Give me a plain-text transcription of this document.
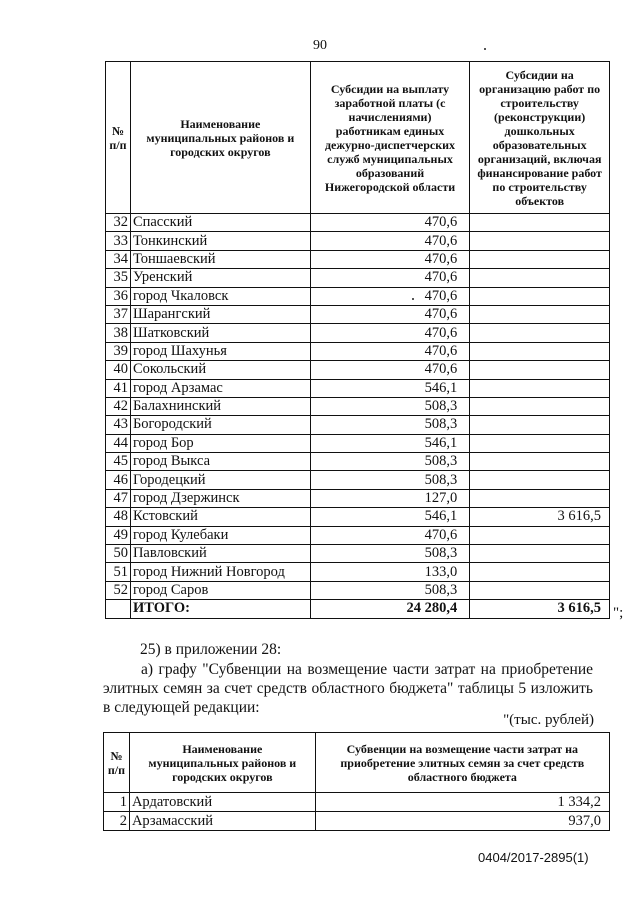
90
№ п/п	Наименование муниципальных районов и городских округов	Субсидии на выплату заработной платы (с начислениями) работникам единых дежурно-диспетчерских служб муниципальных образований Нижегородской области	Субсидии на организацию работ по строительству (реконструкции) дошкольных образовательных организаций, включая финансирование работ по строительству объектов
32	Спасский	470,6	
33	Тонкинский	470,6	
34	Тоншаевский	470,6	
35	Уренский	470,6	
36	город Чкаловск	470,6	
37	Шарангский	470,6	
38	Шатковский	470,6	
39	город Шахунья	470,6	
40	Сокольский	470,6	
41	город Арзамас	546,1	
42	Балахнинский	508,3	
43	Богородский	508,3	
44	город Бор	546,1	
45	город Выкса	508,3	
46	Городецкий	508,3	
47	город Дзержинск	127,0	
48	Кстовский	546,1	3 616,5
49	город Кулебаки	470,6	
50	Павловский	508,3	
51	город Нижний Новгород	133,0	
52	город Саров	508,3	
	ИТОГО:	24 280,4	3 616,5 ";
25) в приложении 28:
а) графу "Субвенции на возмещение части затрат на приобретение элитных семян за счет средств областного бюджета" таблицы 5 изложить в следующей редакции:
"(тыс. рублей)
№ п/п	Наименование муниципальных районов и городских округов	Субвенции на возмещение части затрат на приобретение элитных семян за счет средств областного бюджета
1	Ардатовский	1 334,2
2	Арзамасский	937,0
0404/2017-2895(1)
